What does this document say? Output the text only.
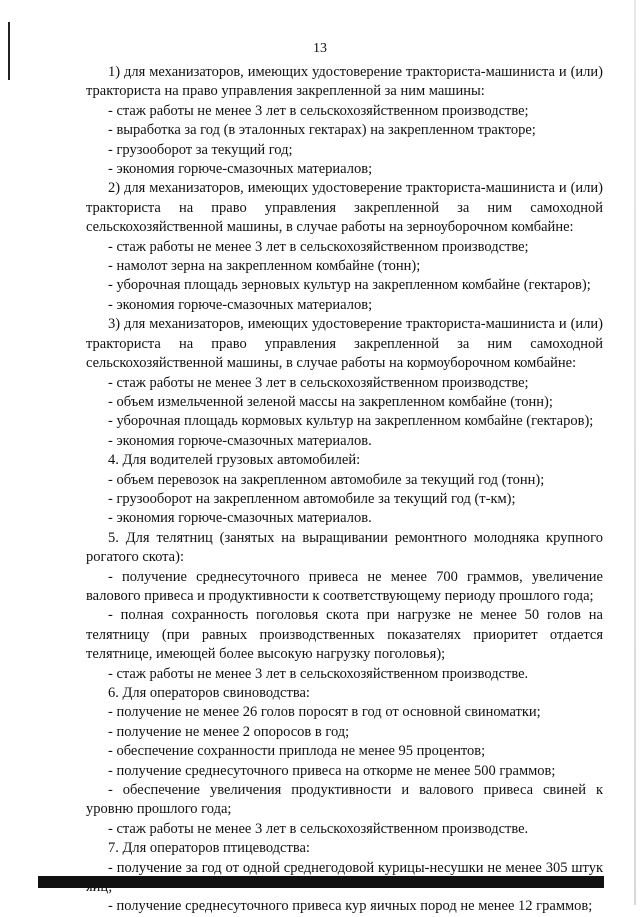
13

1) для механизаторов, имеющих удостоверение тракториста-машиниста и (или) тракториста на право управления закрепленной за ним машины:

- стаж работы не менее 3 лет в сельскохозяйственном производстве;

- выработка за год (в эталонных гектарах) на закрепленном тракторе;

- грузооборот за текущий год;

- экономия горюче-смазочных материалов;

2) для механизаторов, имеющих удостоверение тракториста-машиниста и (или) тракториста на право управления закрепленной за ним самоходной сельскохозяйственной машины, в случае работы на зерноуборочном комбайне:

- стаж работы не менее 3 лет в сельскохозяйственном производстве;

- намолот зерна на закрепленном комбайне (тонн);

- уборочная площадь зерновых культур на закрепленном комбайне (гектаров);

- экономия горюче-смазочных материалов;

3) для механизаторов, имеющих удостоверение тракториста-машиниста и (или) тракториста на право управления закрепленной за ним самоходной сельскохозяйственной машины, в случае работы на кормоуборочном комбайне:

- стаж работы не менее 3 лет в сельскохозяйственном производстве;

- объем измельченной зеленой массы на закрепленном комбайне (тонн);

- уборочная площадь кормовых культур на закрепленном комбайне (гектаров);

- экономия горюче-смазочных материалов.

4. Для водителей грузовых автомобилей:

- объем перевозок на закрепленном автомобиле за текущий год (тонн);

- грузооборот на закрепленном автомобиле за текущий год (т-км);

- экономия горюче-смазочных материалов.

5. Для телятниц (занятых на выращивании ремонтного молодняка крупного рогатого скота):

- получение среднесуточного привеса не менее 700 граммов, увеличение валового привеса и продуктивности к соответствующему периоду прошлого года;

- полная сохранность поголовья скота при нагрузке не менее 50 голов на телятницу (при равных производственных показателях приоритет отдается телятнице, имеющей более высокую нагрузку поголовья);

- стаж работы не менее 3 лет в сельскохозяйственном производстве.

6. Для операторов свиноводства:

- получение не менее 26 голов поросят в год от основной свиноматки;

- получение не менее 2 опоросов в год;

- обеспечение сохранности приплода не менее 95 процентов;

- получение среднесуточного привеса на откорме не менее 500 граммов;

- обеспечение увеличения продуктивности и валового привеса свиней к уровню прошлого года;

- стаж работы не менее 3 лет в сельскохозяйственном производстве.

7. Для операторов птицеводства:

- получение за год от одной среднегодовой курицы-несушки не менее 305 штук

- получение среднесуточного привеса кур яичных пород не менее 12 граммов;
